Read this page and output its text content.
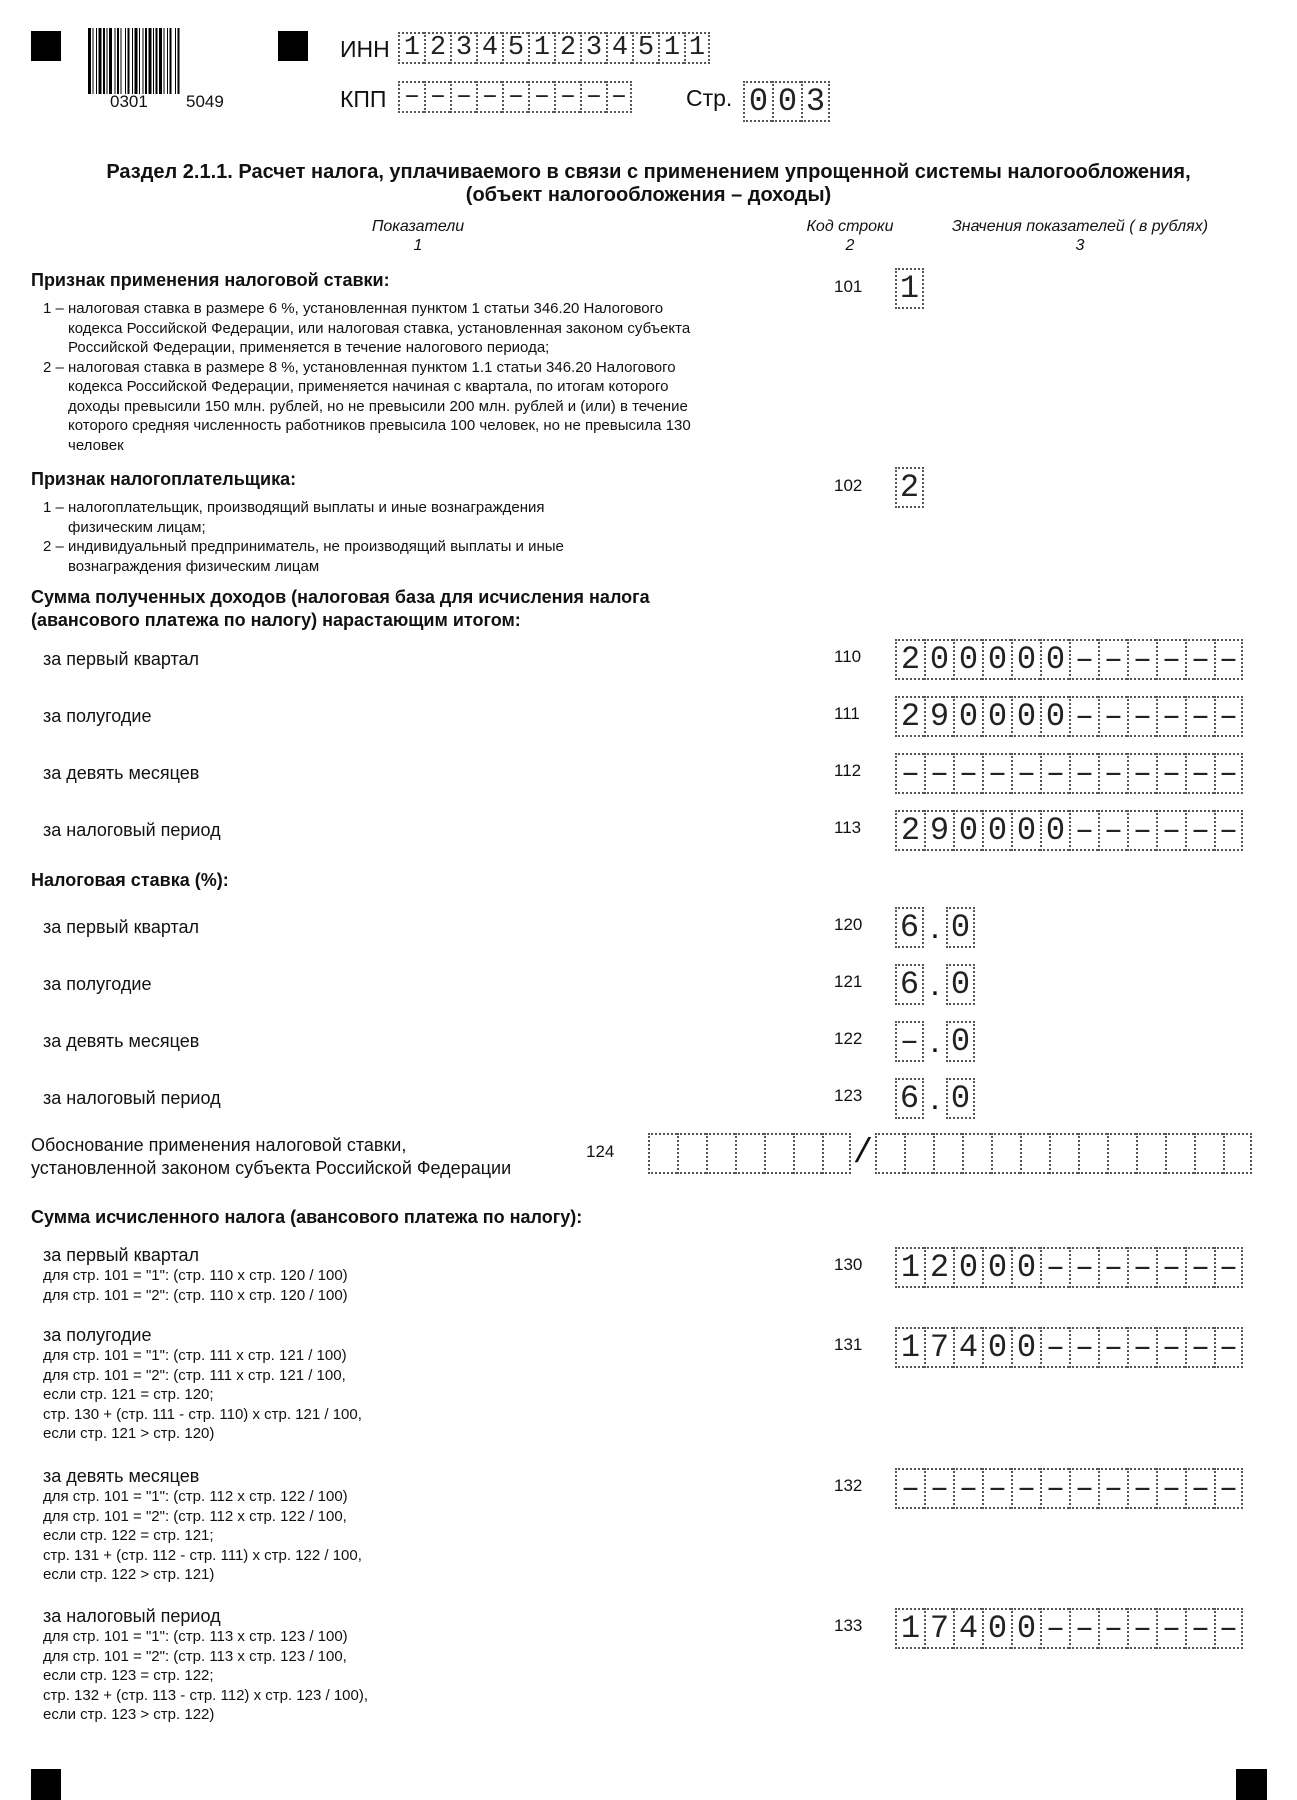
0301 5049
ИНН 1 2 3 4 5 1 2 3 4 5 1 1
КПП – – – – – – – – –	Стр. 0 0 3
Раздел 2.1.1. Расчет налога, уплачиваемого в связи с применением упрощенной системы налогообложения,
(объект налогообложения – доходы)
Показатели
1
Код строки
2
Значения показателей ( в рублях)
3
Признак применения налоговой ставки:
1 – налоговая ставка в размере 6 %, установленная пунктом 1 статьи 346.20 Налогового
кодекса Российской Федерации, или налоговая ставка, установленная законом субъекта
Российской Федерации, применяется в течение налогового периода;
2 – налоговая ставка в размере 8 %, установленная пунктом 1.1 статьи 346.20 Налогового
кодекса Российской Федерации, применяется начиная с квартала, по итогам которого
доходы превысили 150 млн. рублей, но не превысили 200 млн. рублей и (или) в течение
которого средняя численность работников превысила 100 человек, но не превысила 130
человек
101 1
Признак налогоплательщика:
1 – налогоплательщик, производящий выплаты и иные вознаграждения
физическим лицам;
2 – индивидуальный предприниматель, не производящий выплаты и иные
вознаграждения физическим лицам
102 2
Сумма полученных доходов (налоговая база для исчисления налога
(авансового платежа по налогу) нарастающим итогом:
за первый квартал	110 2 0 0 0 0 0 – – – – – –
за полугодие	111 2 9 0 0 0 0 – – – – – –
за девять месяцев	112 – – – – – – – – – – – –
за налоговый период	113 2 9 0 0 0 0 – – – – – –
Налоговая ставка (%):
за первый квартал	120 6 . 0
за полугодие	121 6 . 0
за девять месяцев	122 – . 0
за налоговый период	123 6 . 0
Обоснование применения налоговой ставки,
установленной законом субъекта Российской Федерации
124	/
Сумма исчисленного налога (авансового платежа по налогу):
за первый квартал
для стр. 101 = "1": (стр. 110 х стр. 120 / 100)
для стр. 101 = "2": (стр. 110 х стр. 120 / 100)
130 1 2 0 0 0 – – – – – – –
за полугодие
для стр. 101 = "1": (стр. 111 х стр. 121 / 100)
для стр. 101 = "2": (стр. 111 х стр. 121 / 100,
если стр. 121 = стр. 120;
стр. 130 + (стр. 111 - стр. 110) х стр. 121 / 100,
если стр. 121 > стр. 120)
131 1 7 4 0 0 – – – – – – –
за девять месяцев
для стр. 101 = "1": (стр. 112 х стр. 122 / 100)
для стр. 101 = "2": (стр. 112 х стр. 122 / 100,
если стр. 122 = стр. 121;
стр. 131 + (стр. 112 - стр. 111) х стр. 122 / 100,
если стр. 122 > стр. 121)
132 – – – – – – – – – – – –
за налоговый период
для стр. 101 = "1": (стр. 113 х стр. 123 / 100)
для стр. 101 = "2": (стр. 113 х стр. 123 / 100,
если стр. 123 = стр. 122;
стр. 132 + (стр. 113 - стр. 112) х стр. 123 / 100),
если стр. 123 > стр. 122)
133 1 7 4 0 0 – – – – – – –
